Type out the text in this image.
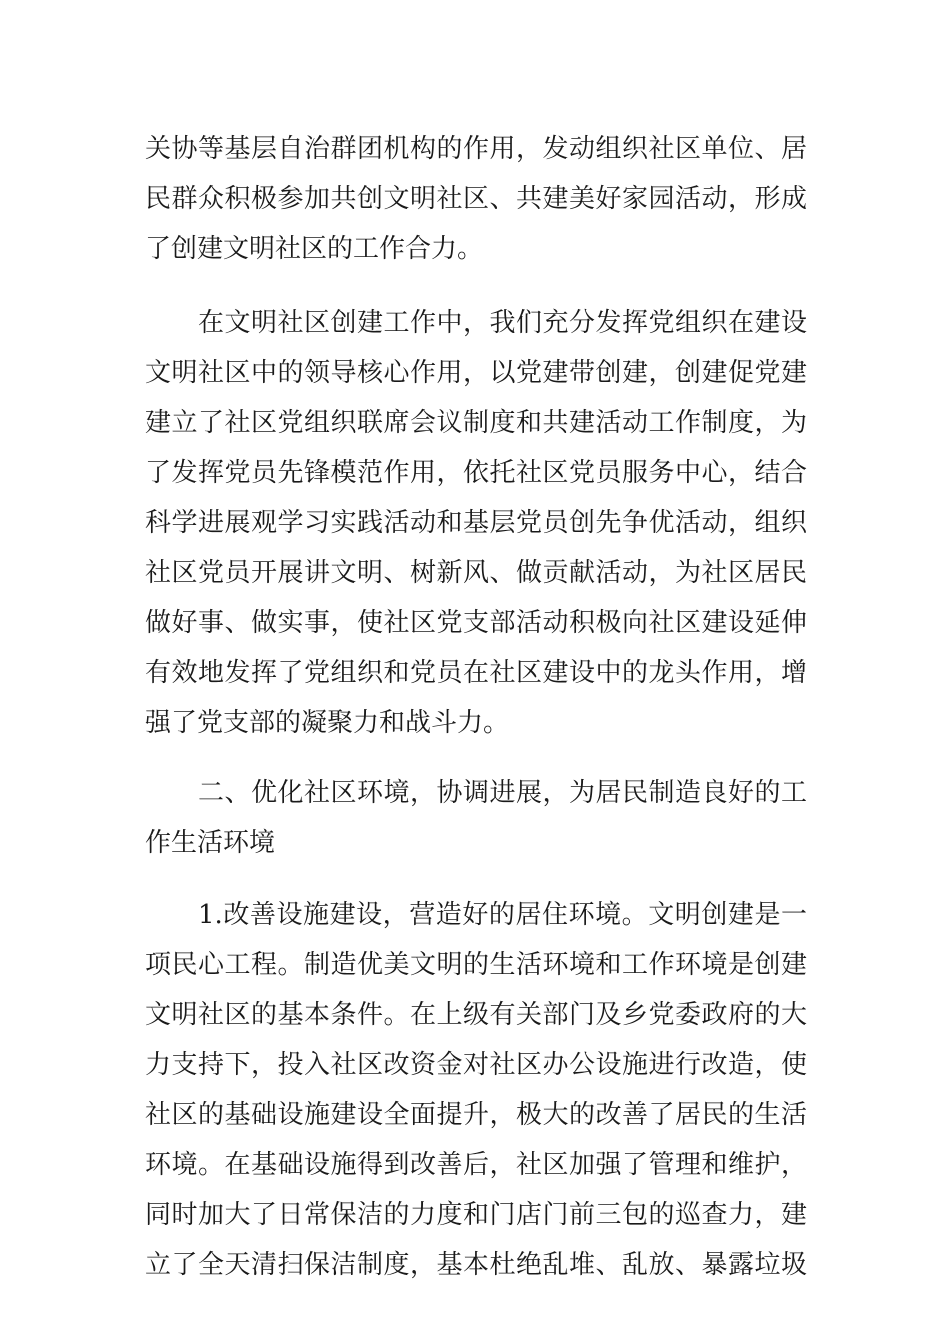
关协等基层自治群团机构的作用，发动组织社区单位、居
民群众积极参加共创文明社区、共建美好家园活动，形成
了创建文明社区的工作合力。
在文明社区创建工作中，我们充分发挥党组织在建设
文明社区中的领导核心作用，以党建带创建，创建促党建
建立了社区党组织联席会议制度和共建活动工作制度，为
了发挥党员先锋模范作用，依托社区党员服务中心，结合
科学进展观学习实践活动和基层党员创先争优活动，组织
社区党员开展讲文明、树新风、做贡献活动，为社区居民
做好事、做实事，使社区党支部活动积极向社区建设延伸
有效地发挥了党组织和党员在社区建设中的龙头作用，增
强了党支部的凝聚力和战斗力。
二、优化社区环境，协调进展，为居民制造良好的工
作生活环境
1.改善设施建设，营造好的居住环境。文明创建是一
项民心工程。制造优美文明的生活环境和工作环境是创建
文明社区的基本条件。在上级有关部门及乡党委政府的大
力支持下，投入社区改资金对社区办公设施进行改造，使
社区的基础设施建设全面提升，极大的改善了居民的生活
环境。在基础设施得到改善后，社区加强了管理和维护，
同时加大了日常保洁的力度和门店门前三包的巡查力，建
立了全天清扫保洁制度，基本杜绝乱堆、乱放、暴露垃圾
